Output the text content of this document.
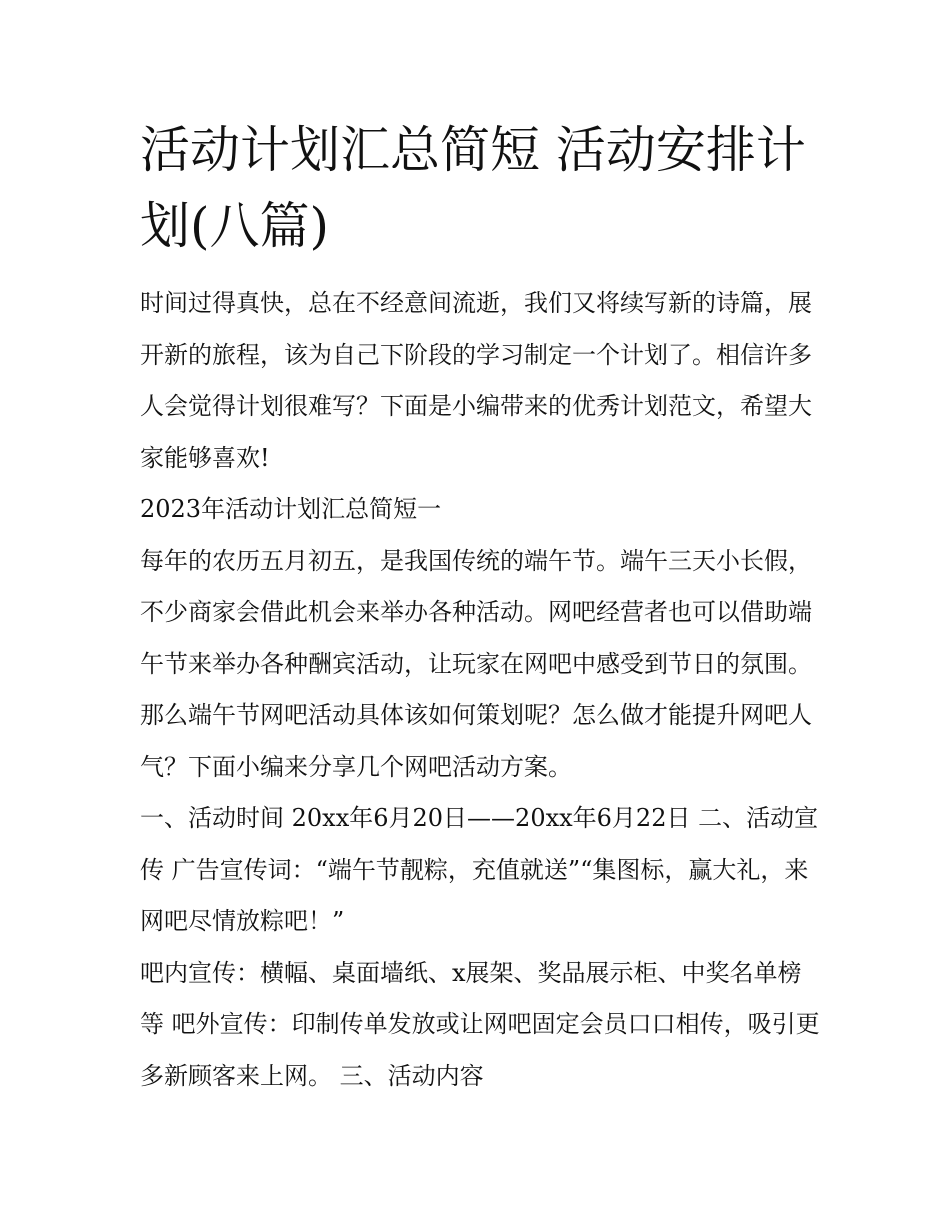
活动计划汇总简短 活动安排计划(八篇)

时间过得真快，总在不经意间流逝，我们又将续写新的诗篇，展开新的旅程，该为自己下阶段的学习制定一个计划了。相信许多人会觉得计划很难写？下面是小编带来的优秀计划范文，希望大家能够喜欢!

2023年活动计划汇总简短一

每年的农历五月初五，是我国传统的端午节。端午三天小长假，不少商家会借此机会来举办各种活动。网吧经营者也可以借助端午节来举办各种酬宾活动，让玩家在网吧中感受到节日的氛围。那么端午节网吧活动具体该如何策划呢？怎么做才能提升网吧人气？下面小编来分享几个网吧活动方案。

一、活动时间 20xx年6月20日——20xx年6月22日 二、活动宣传 广告宣传词：“端午节靓粽，充值就送”“集图标，赢大礼，来网吧尽情放粽吧！”

吧内宣传：横幅、桌面墙纸、x展架、奖品展示柜、中奖名单榜等 吧外宣传：印制传单发放或让网吧固定会员口口相传，吸引更多新顾客来上网。 三、活动内容
